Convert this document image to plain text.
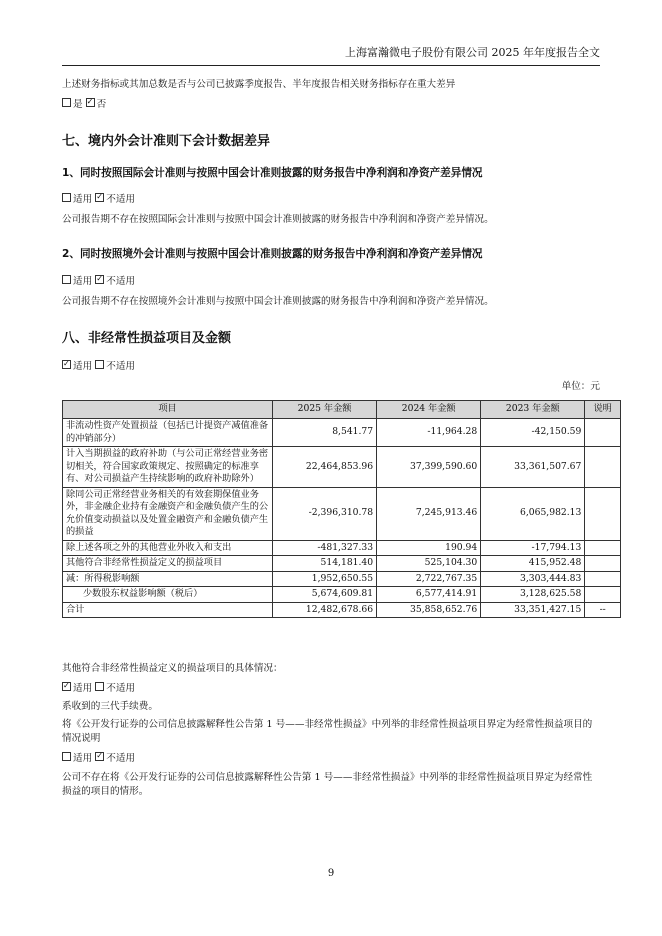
上海富瀚微电子股份有限公司 2025 年年度报告全文
上述财务指标或其加总数是否与公司已披露季度报告、半年度报告相关财务指标存在重大差异
是 ✓ 否
七、境内外会计准则下会计数据差异
1、同时按照国际会计准则与按照中国会计准则披露的财务报告中净利润和净资产差异情况
适用 ✓ 不适用
公司报告期不存在按照国际会计准则与按照中国会计准则披露的财务报告中净利润和净资产差异情况。
2、同时按照境外会计准则与按照中国会计准则披露的财务报告中净利润和净资产差异情况
适用 ✓ 不适用
公司报告期不存在按照境外会计准则与按照中国会计准则披露的财务报告中净利润和净资产差异情况。
八、非经常性损益项目及金额
✓适用 不适用
单位：元
项目	2025 年金额	2024 年金额	2023 年金额	说明
非流动性资产处置损益（包括已计提资产减值准备的冲销部分）	8,541.77	-11,964.28	-42,150.59	
计入当期损益的政府补助（与公司正常经营业务密切相关，符合国家政策规定、按照确定的标准享有、对公司损益产生持续影响的政府补助除外）	22,464,853.96	37,399,590.60	33,361,507.67	
除同公司正常经营业务相关的有效套期保值业务外，非金融企业持有金融资产和金融负债产生的公允价值变动损益以及处置金融资产和金融负债产生的损益	-2,396,310.78	7,245,913.46	6,065,982.13	
除上述各项之外的其他营业外收入和支出	-481,327.33	190.94	-17,794.13	
其他符合非经常性损益定义的损益项目	514,181.40	525,104.30	415,952.48	
减：所得税影响额	1,952,650.55	2,722,767.35	3,303,444.83	
少数股东权益影响额（税后）	5,674,609.81	6,577,414.91	3,128,625.58	
合计	12,482,678.66	35,858,652.76	33,351,427.15	--
其他符合非经常性损益定义的损益项目的具体情况：
✓适用 不适用
系收到的三代手续费。
将《公开发行证券的公司信息披露解释性公告第 1 号——非经常性损益》中列举的非经常性损益项目界定为经常性损益项目的情况说明
适用 ✓ 不适用
公司不存在将《公开发行证券的公司信息披露解释性公告第 1 号——非经常性损益》中列举的非经常性损益项目界定为经常性损益的项目的情形。
9
